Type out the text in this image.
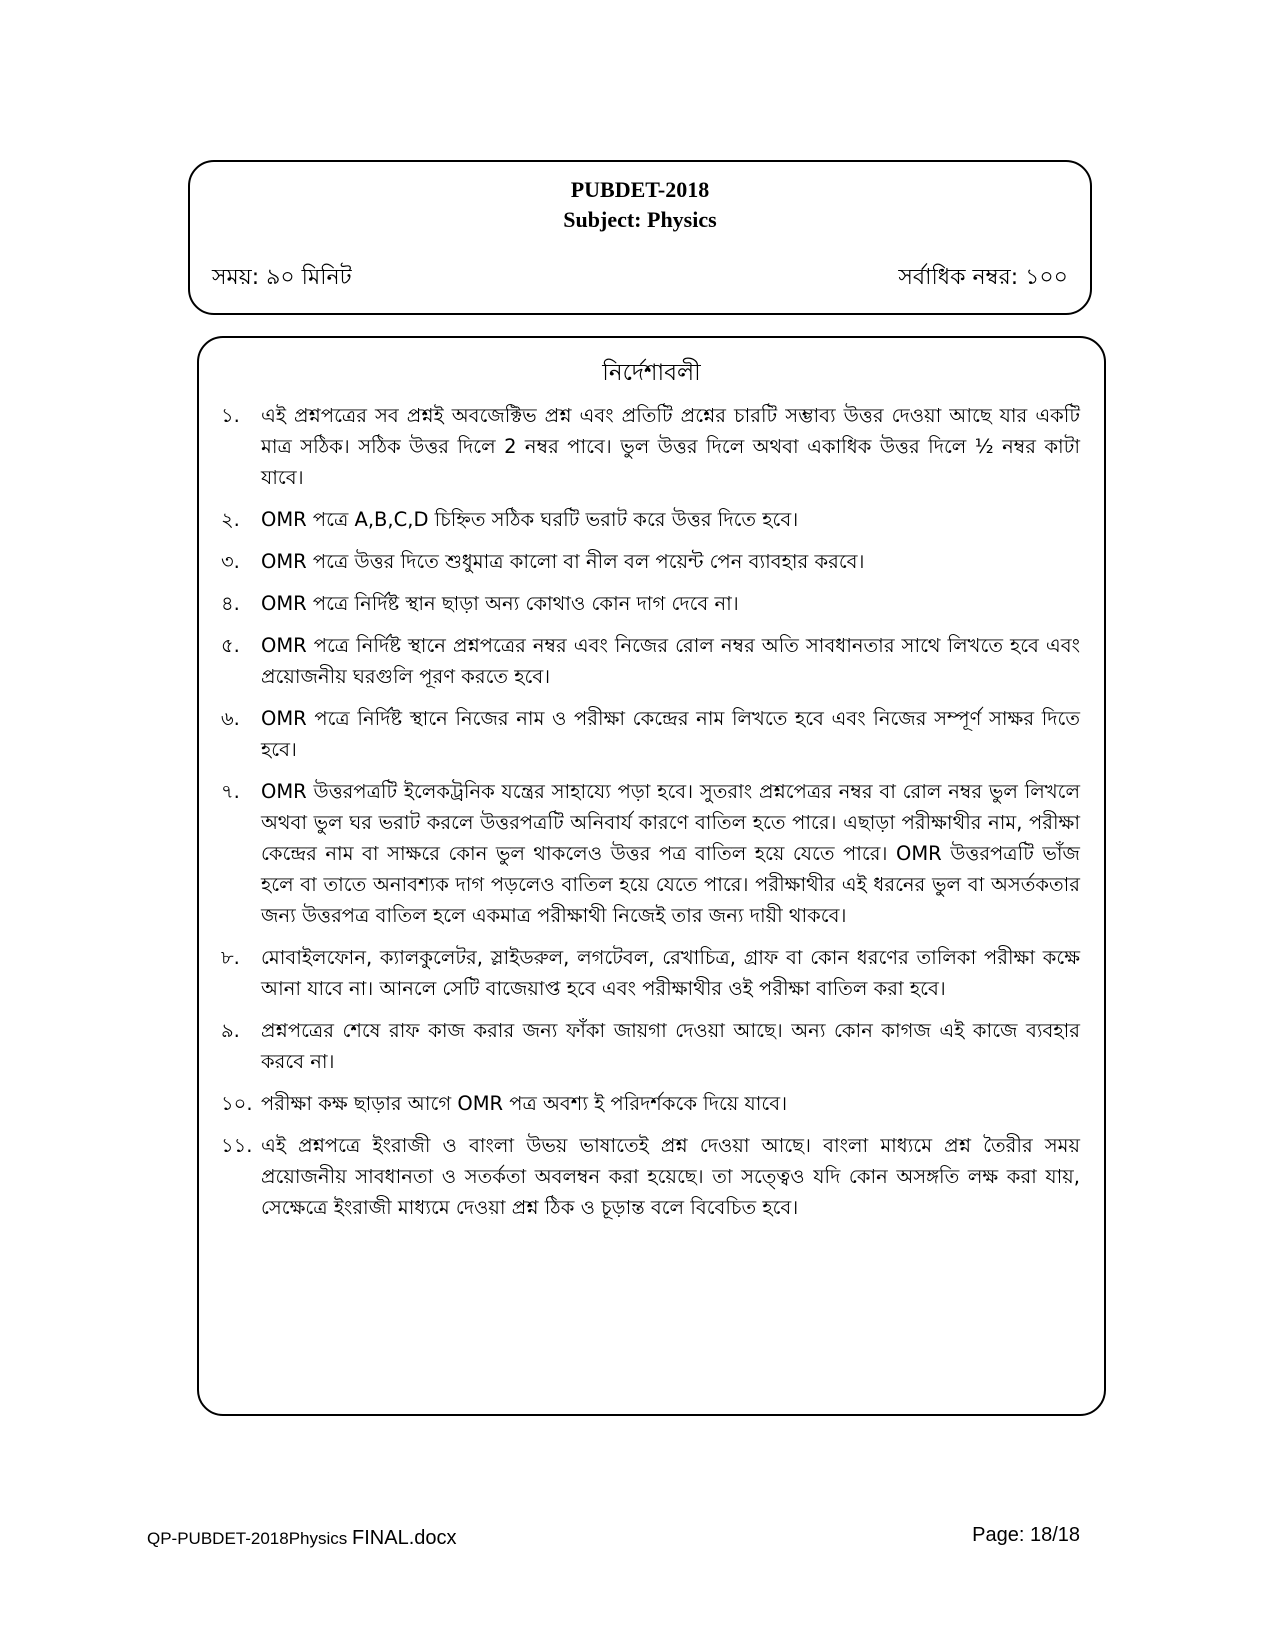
PUBDET-2018
Subject: Physics
সময়: ৯০ মিনিট	সর্বাধিক নম্বর: ১০০
নির্দেশাবলী
১.	এই প্রশ্নপত্রের সব প্রশ্নই অবজেক্টিভ প্রশ্ন এবং প্রতিটি প্রশ্নের চারটি সম্ভাব্য উত্তর দেওয়া আছে যার একটি মাত্র সঠিক। সঠিক উত্তর দিলে 2 নম্বর পাবে। ভুল উত্তর দিলে অথবা একাধিক উত্তর দিলে ½ নম্বর কাটা যাবে।
২.	OMR পত্রে A,B,C,D চিহ্নিত সঠিক ঘরটি ভরাট করে উত্তর দিতে হবে।
৩.	OMR পত্রে উত্তর দিতে শুধুমাত্র কালো বা নীল বল পয়েন্ট পেন ব্যাবহার করবে।
৪.	OMR পত্রে নির্দিষ্ট স্থান ছাড়া অন্য কোথাও কোন দাগ দেবে না।
৫.	OMR পত্রে নির্দিষ্ট স্থানে প্রশ্নপত্রের নম্বর এবং নিজের রোল নম্বর অতি সাবধানতার সাথে লিখতে হবে এবং প্রয়োজনীয় ঘরগুলি পূরণ করতে হবে।
৬.	OMR পত্রে নির্দিষ্ট স্থানে নিজের নাম ও পরীক্ষা কেন্দ্রের নাম লিখতে হবে এবং নিজের সম্পূর্ণ সাক্ষর দিতে হবে।
৭.	OMR উত্তরপত্রটি ইলেকট্রনিক যন্ত্রের সাহায্যে পড়া হবে। সুতরাং প্রশ্নপেত্রর নম্বর বা রোল নম্বর ভুল লিখলে অথবা ভুল ঘর ভরাট করলে উত্তরপত্রটি অনিবার্য কারণে বাতিল হতে পারে। এছাড়া পরীক্ষাথীর নাম, পরীক্ষা কেন্দ্রের নাম বা সাক্ষরে কোন ভুল থাকলেও উত্তর পত্র বাতিল হয়ে যেতে পারে। OMR উত্তরপত্রটি ভাঁজ হলে বা তাতে অনাবশ্যক দাগ পড়লেও বাতিল হয়ে যেতে পারে। পরীক্ষাথীর এই ধরনের ভুল বা অসর্তকতার জন্য উত্তরপত্র বাতিল হলে একমাত্র পরীক্ষাথী নিজেই তার জন্য দায়ী থাকবে।
৮.	মোবাইলফোন, ক্যালকুলেটর, স্লাইডরুল, লগটেবল, রেখাচিত্র, গ্রাফ বা কোন ধরণের তালিকা পরীক্ষা কক্ষে আনা যাবে না। আনলে সেটি বাজেয়াপ্ত হবে এবং পরীক্ষাথীর ওই পরীক্ষা বাতিল করা হবে।
৯.	প্রশ্নপত্রের শেষে রাফ কাজ করার জন্য ফাঁকা জায়গা দেওয়া আছে। অন্য কোন কাগজ এই কাজে ব্যবহার করবে না।
১০. পরীক্ষা কক্ষ ছাড়ার আগে OMR পত্র অবশ্য ই পরিদর্শককে দিয়ে যাবে।
১১. এই প্রশ্নপত্রে ইংরাজী ও বাংলা উভয় ভাষাতেই প্রশ্ন দেওয়া আছে। বাংলা মাধ্যমে প্রশ্ন তৈরীর সময় প্রয়োজনীয় সাবধানতা ও সতর্কতা অবলম্বন করা হয়েছে। তা সত্ত্বেও যদি কোন অসঙ্গতি লক্ষ করা যায়, সেক্ষেত্রে ইংরাজী মাধ্যমে দেওয়া প্রশ্ন ঠিক ও চূড়ান্ত বলে বিবেচিত হবে।
QP-PUBDET-2018Physics FINAL.docx	Page: 18/18
